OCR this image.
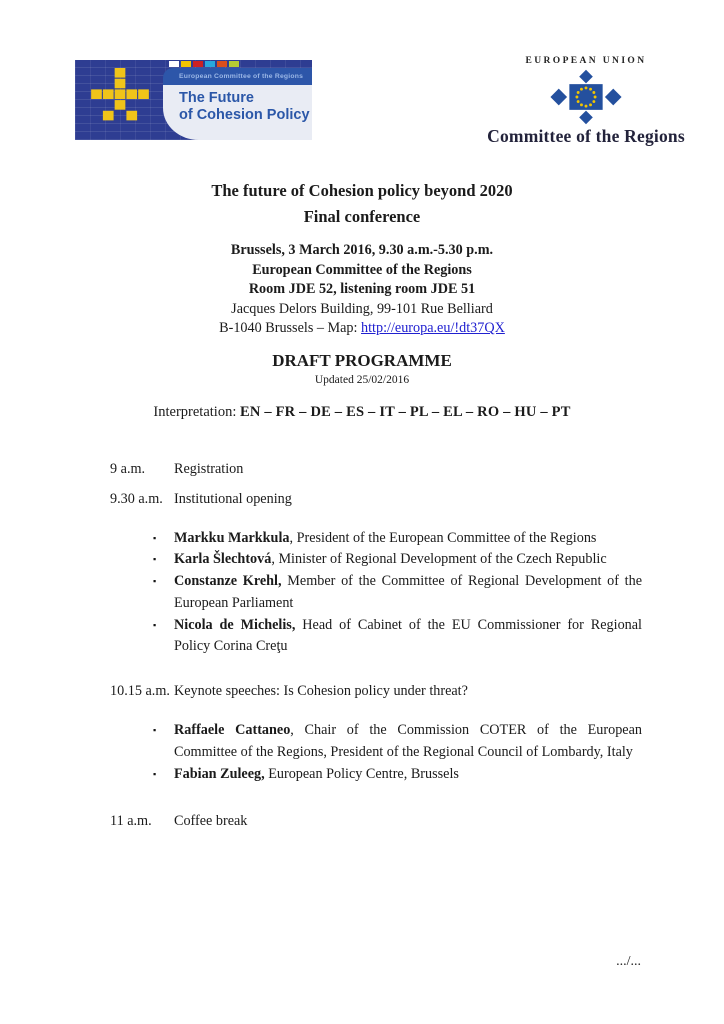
European Committee of the Regions
The Future
of Cohesion Policy
EUROPEAN UNION
Committee of the Regions
The future of Cohesion policy beyond 2020
Final conference
Brussels, 3 March 2016, 9.30 a.m.-5.30 p.m.
European Committee of the Regions
Room JDE 52, listening room JDE 51
Jacques Delors Building, 99-101 Rue Belliard
B-1040 Brussels – Map: http://europa.eu/!dt37QX
DRAFT PROGRAMME
Updated 25/02/2016
Interpretation: EN – FR – DE – ES – IT – PL – EL – RO – HU – PT
9 a.m.	Registration
9.30 a.m. Institutional opening
▪ Markku Markkula, President of the European Committee of the Regions
▪ Karla Šlechtová, Minister of Regional Development of the Czech Republic
▪ Constanze Krehl, Member of the Committee of Regional Development of the European Parliament
▪ Nicola de Michelis, Head of Cabinet of the EU Commissioner for Regional Policy Corina Creţu
10.15 a.m. Keynote speeches: Is Cohesion policy under threat?
▪ Raffaele Cattaneo, Chair of the Commission COTER of the European Committee of the Regions, President of the Regional Council of Lombardy, Italy
▪ Fabian Zuleeg, European Policy Centre, Brussels
11 a.m.	Coffee break
.../...
